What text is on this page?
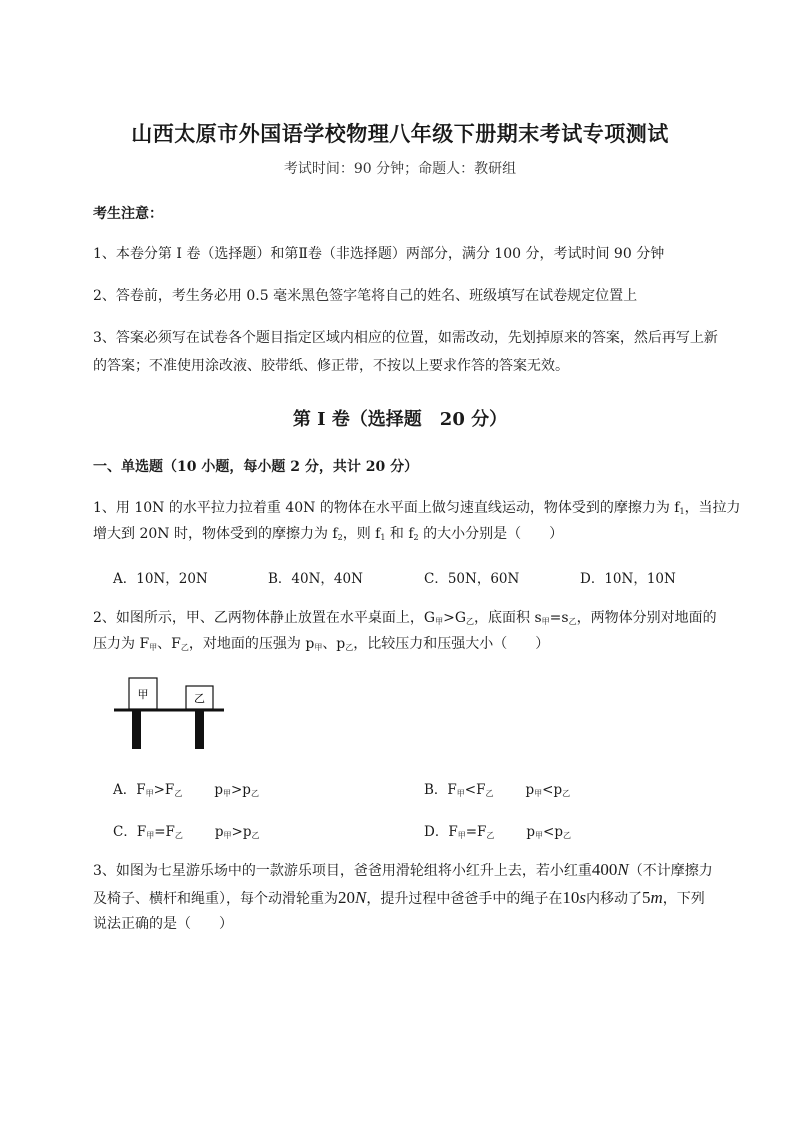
山西太原市外国语学校物理八年级下册期末考试专项测试
考试时间：90 分钟；命题人：教研组
考生注意：
1、本卷分第 I 卷（选择题）和第Ⅱ卷（非选择题）两部分，满分 100 分，考试时间 90 分钟
2、答卷前，考生务必用 0.5 毫米黑色签字笔将自己的姓名、班级填写在试卷规定位置上
3、答案必须写在试卷各个题目指定区域内相应的位置，如需改动，先划掉原来的答案，然后再写上新
的答案；不准使用涂改液、胶带纸、修正带，不按以上要求作答的答案无效。
第 I 卷（选择题　20 分）
一、单选题（10 小题，每小题 2 分，共计 20 分）
1、用 10N 的水平拉力拉着重 40N 的物体在水平面上做匀速直线运动，物体受到的摩擦力为 $f_1$，当拉力
增大到 20N 时，物体受到的摩擦力为 $f_2$，则 $f_1$ 和 $f_2$ 的大小分别是（　　）
A．10N，20N	B．40N，40N	C．50N，60N	D．10N，10N
2、如图所示，甲、乙两物体静止放置在水平桌面上，$G_甲>G_乙$，底面积 $s_甲=s_乙$，两物体分别对地面的
压力为 $F_甲$、$F_乙$，对地面的压强为 $p_甲$、$p_乙$，比较压力和压强大小（　　）
甲	乙
A．$F_甲>F_乙$ $p_甲>p_乙$	B．$F_甲<F_乙$ $p_甲<p_乙$
C．$F_甲=F_乙$ $p_甲>p_乙$	D．$F_甲=F_乙$ $p_甲<p_乙$
3、如图为七星游乐场中的一款游乐项目，爸爸用滑轮组将小红升上去，若小红重400N（不计摩擦力
及椅子、横杆和绳重），每个动滑轮重为20N，提升过程中爸爸手中的绳子在10s内移动了5m，下列
说法正确的是（　　）
